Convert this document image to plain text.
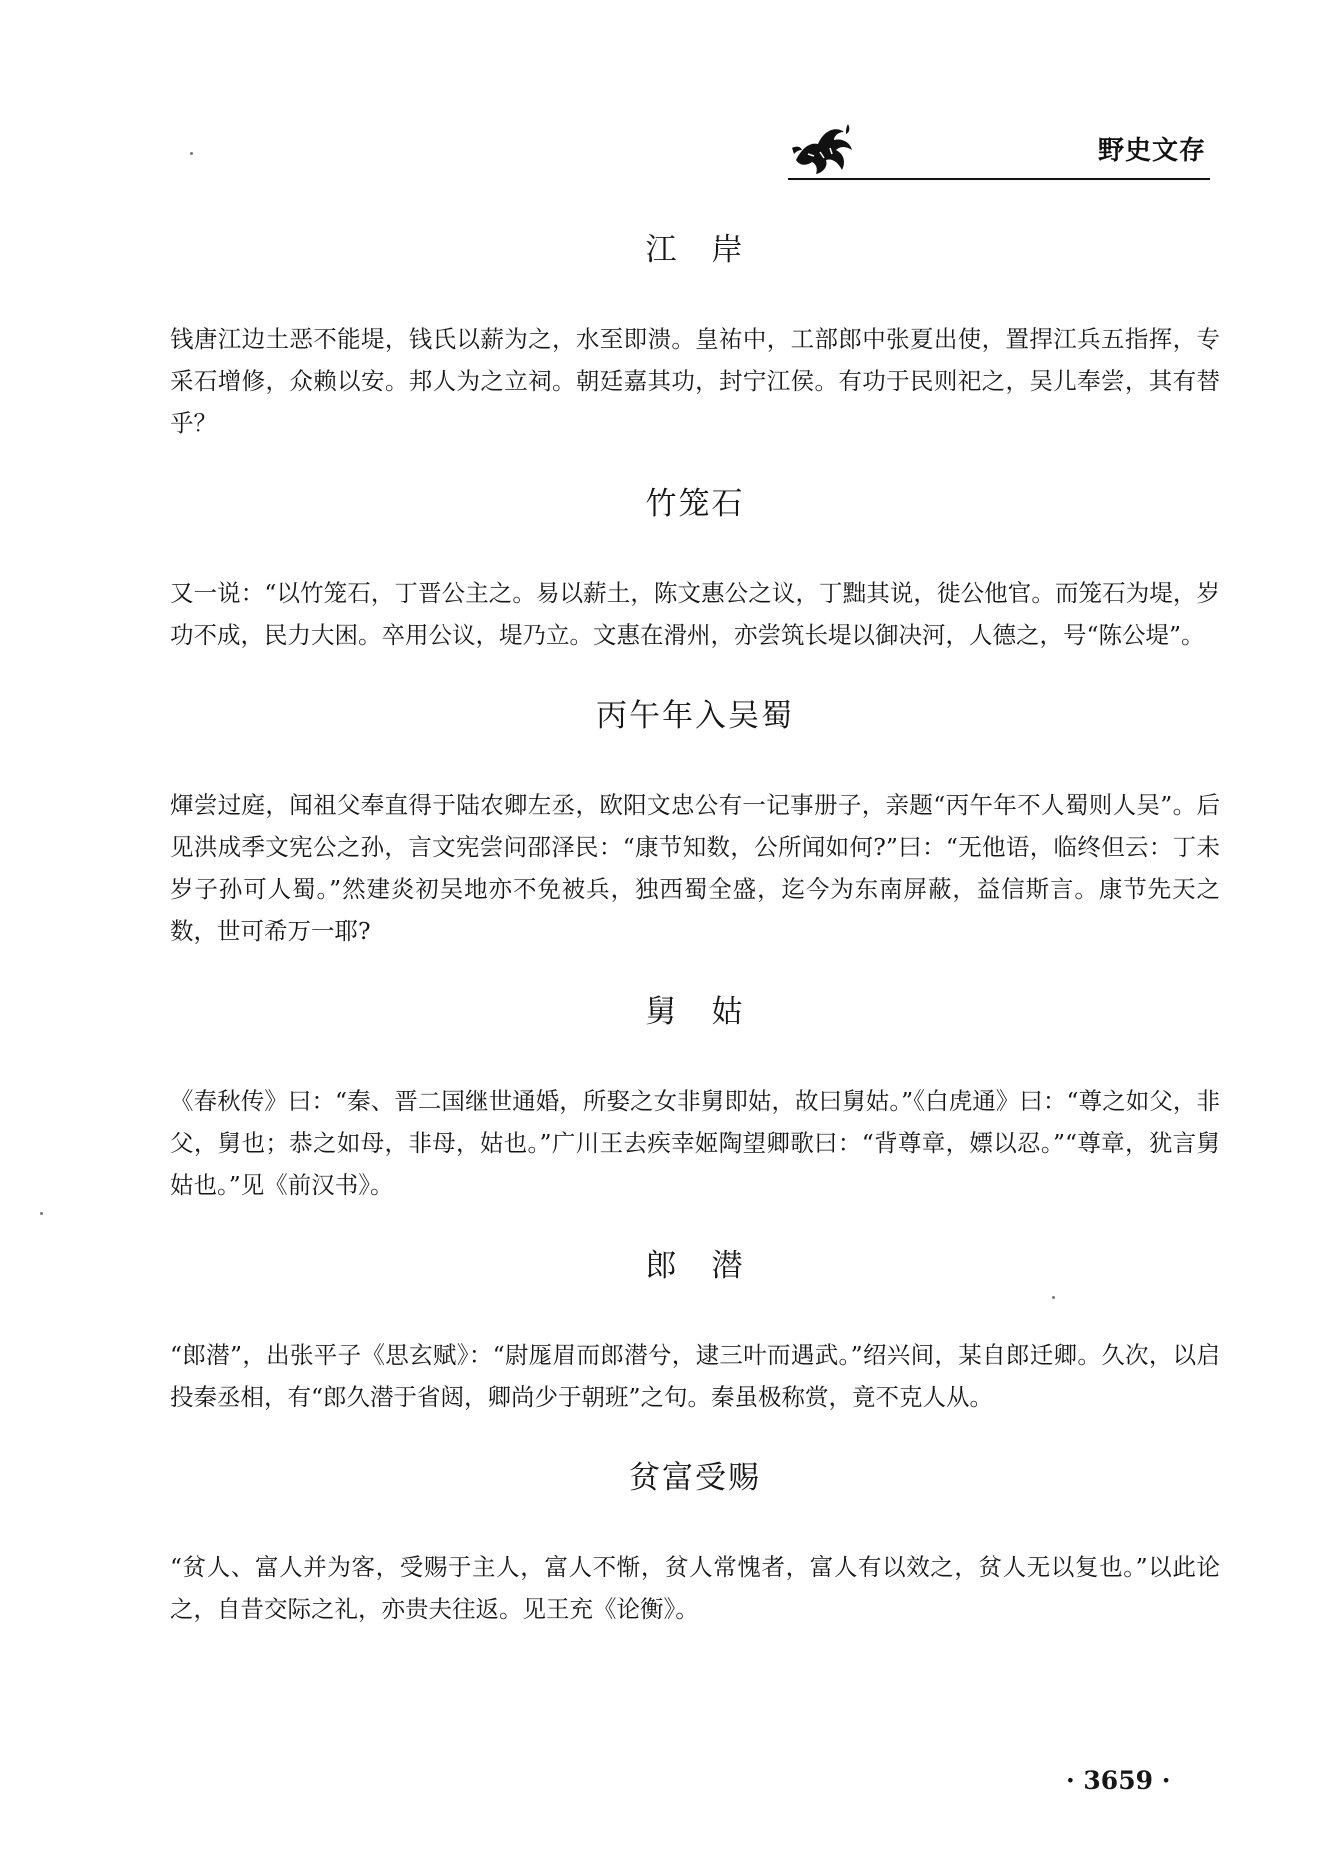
野史文存
江　岸

钱唐江边土恶不能堤，钱氏以薪为之，水至即溃。皇祐中，工部郎中张夏出使，置捍江兵五指挥，专采石增修，众赖以安。邦人为之立祠。朝廷嘉其功，封宁江侯。有功于民则祀之，吴儿奉尝，其有替乎？

竹笼石

又一说：“以竹笼石，丁晋公主之。易以薪土，陈文惠公之议，丁黜其说，徙公他官。而笼石为堤，岁功不成，民力大困。卒用公议，堤乃立。文惠在滑州，亦尝筑长堤以御决河，人德之，号“陈公堤”。

丙午年入吴蜀

煇尝过庭，闻祖父奉直得于陆农卿左丞，欧阳文忠公有一记事册子，亲题“丙午年不人蜀则人吴”。后见洪成季文宪公之孙，言文宪尝问邵泽民：“康节知数，公所闻如何?”曰：“无他语，临终但云：丁未岁子孙可人蜀。”然建炎初吴地亦不免被兵，独西蜀全盛，迄今为东南屏蔽，益信斯言。康节先天之数，世可希万一耶?

舅　姑

《春秋传》曰：“秦、晋二国继世通婚，所娶之女非舅即姑，故曰舅姑。”《白虎通》曰：“尊之如父，非父，舅也；恭之如母，非母，姑也。”广川王去疾幸姬陶望卿歌曰：“背尊章，嫖以忍。”“尊章，犹言舅姑也。”见《前汉书》。

郎　潜

“郎潜”，出张平子《思玄赋》：“尉厖眉而郎潜兮，逮三叶而遇武。”绍兴间，某自郎迁卿。久次，以启投秦丞相，有“郎久潜于省闼，卿尚少于朝班”之句。秦虽极称赏，竟不克人从。

贫富受赐

“贫人、富人并为客，受赐于主人，富人不惭，贫人常愧者，富人有以效之，贫人无以复也。”以此论之，自昔交际之礼，亦贵夫往返。见王充《论衡》。

· 3659 ·
